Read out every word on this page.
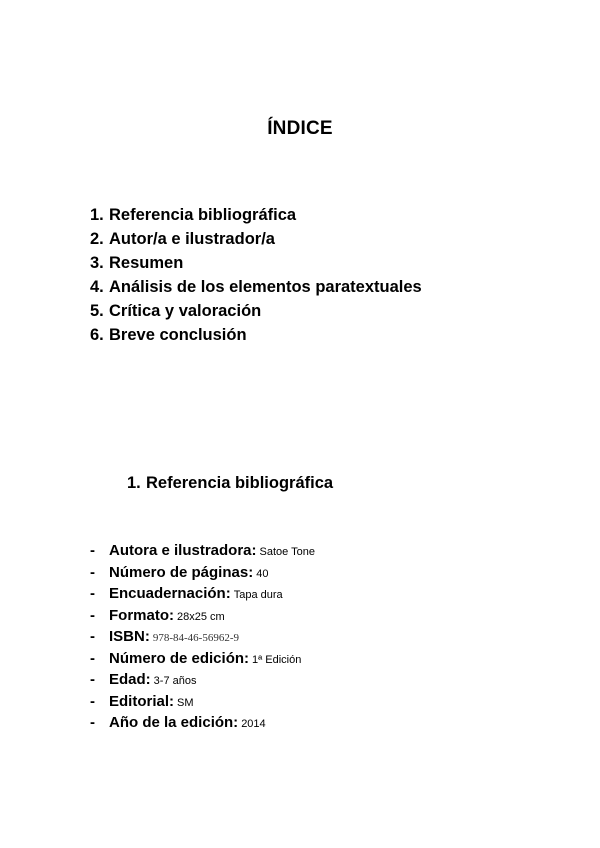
ÍNDICE
1. Referencia bibliográfica
2. Autor/a e ilustrador/a
3. Resumen
4. Análisis de los elementos paratextuales
5. Crítica y valoración
6. Breve conclusión
1. Referencia bibliográfica
- Autora e ilustradora: Satoe Tone
- Número de páginas: 40
- Encuadernación: Tapa dura
- Formato: 28x25 cm
- ISBN: 978-84-46-56962-9
- Número de edición: 1ª Edición
- Edad: 3-7 años
- Editorial: SM
- Año de la edición: 2014
